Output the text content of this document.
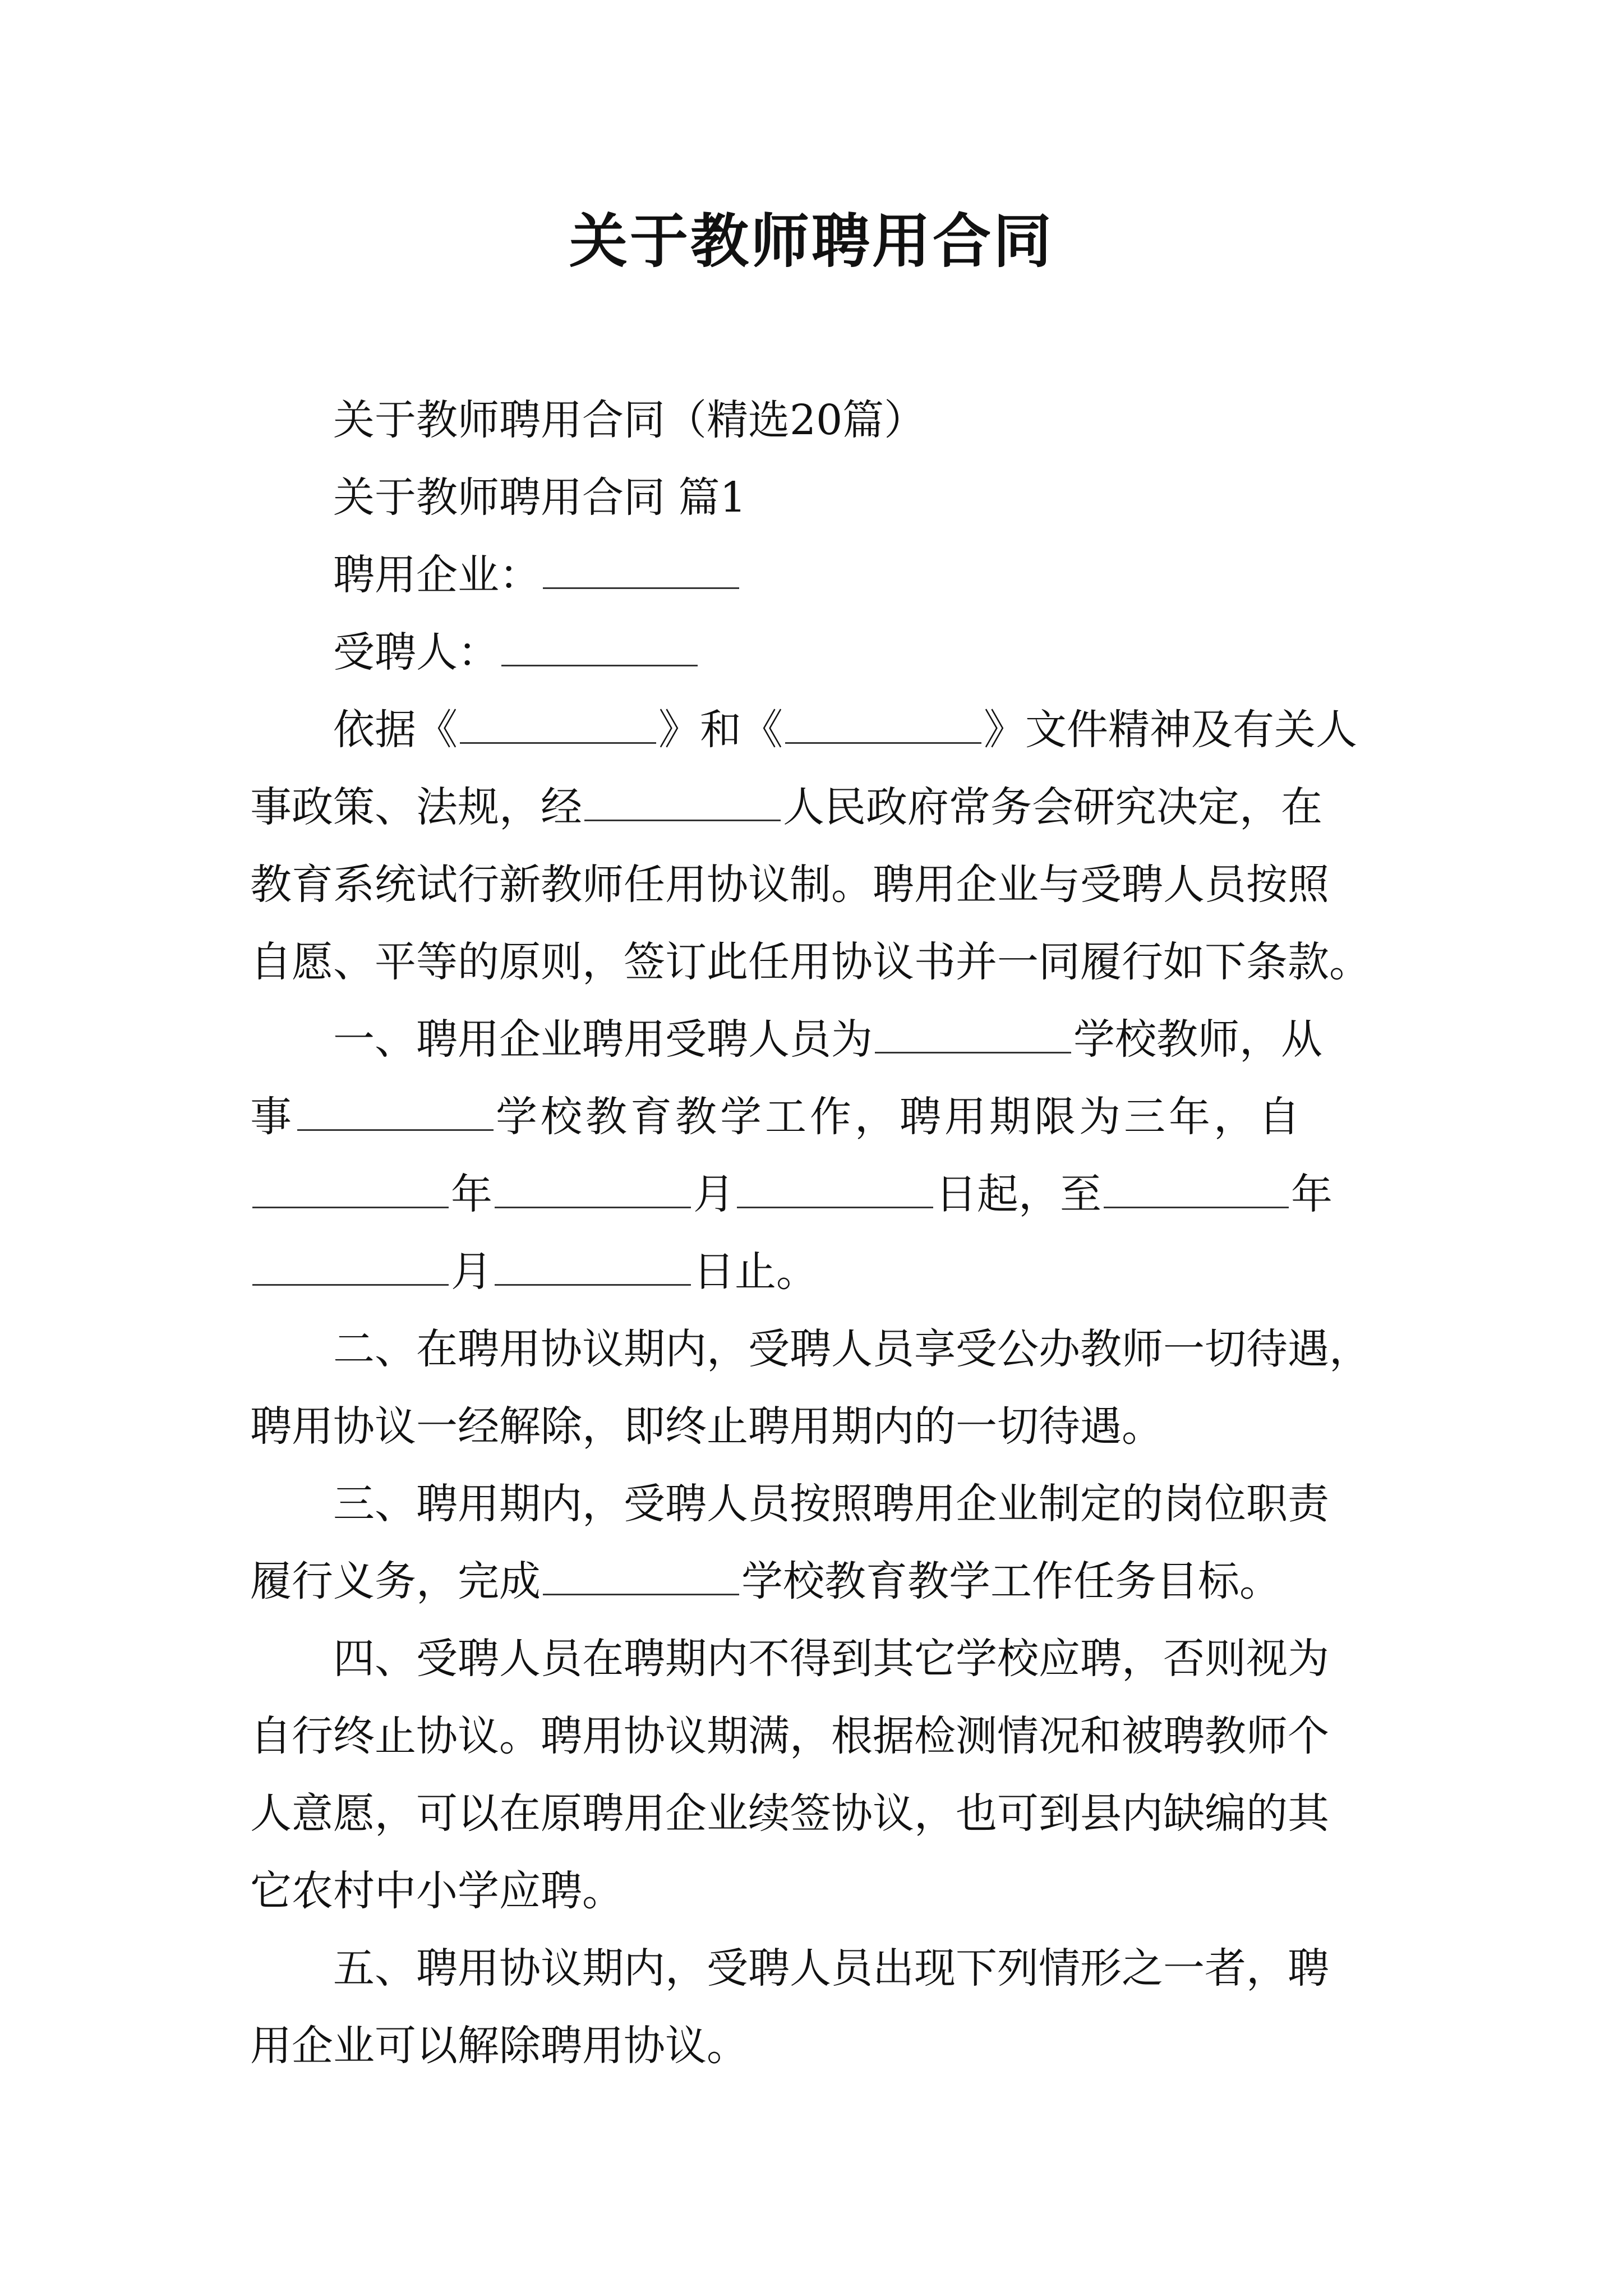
关于教师聘用合同
关于教师聘用合同（精选20篇）
关于教师聘用合同 篇1
聘用企业：
受聘人：
依据《	》和《	》文件精神及有关人
事政策、法规，经	人民政府常务会研究决定，在
教育系统试行新教师任用协议制。聘用企业与受聘人员按照
自愿、平等的原则，签订此任用协议书并一同履行如下条款。
一、聘用企业聘用受聘人员为	学校教师，从
事	学校教育教学工作，聘用期限为三年，自
年	月	日起，至	年
月	日止。
二、在聘用协议期内，受聘人员享受公办教师一切待遇，
聘用协议一经解除，即终止聘用期内的一切待遇。
三、聘用期内，受聘人员按照聘用企业制定的岗位职责
履行义务，完成	学校教育教学工作任务目标。
四、受聘人员在聘期内不得到其它学校应聘，否则视为
自行终止协议。聘用协议期满，根据检测情况和被聘教师个
人意愿，可以在原聘用企业续签协议，也可到县内缺编的其
它农村中小学应聘。
五、聘用协议期内，受聘人员出现下列情形之一者，聘
用企业可以解除聘用协议。
